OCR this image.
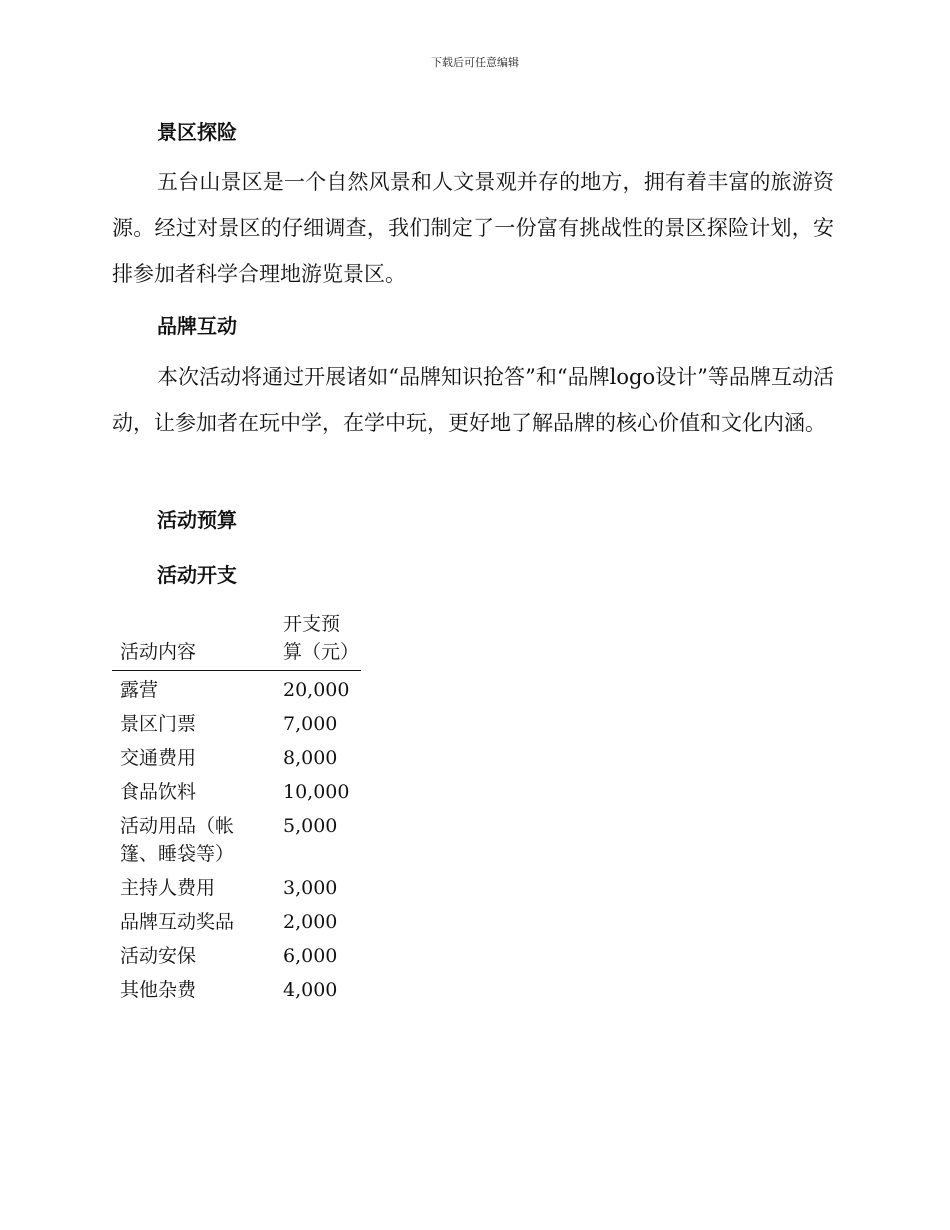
下载后可任意编辑
景区探险
五台山景区是一个自然风景和人文景观并存的地方，拥有着丰富的旅游资源。经过对景区的仔细调查，我们制定了一份富有挑战性的景区探险计划，安排参加者科学合理地游览景区。
品牌互动
本次活动将通过开展诸如“品牌知识抢答”和“品牌logo设计”等品牌互动活动，让参加者在玩中学，在学中玩，更好地了解品牌的核心价值和文化内涵。
活动预算
活动开支
活动内容	开支预算（元）
露营	20,000
景区门票	7,000
交通费用	8,000
食品饮料	10,000
活动用品（帐篷、睡袋等）	5,000
主持人费用	3,000
品牌互动奖品	2,000
活动安保	6,000
其他杂费	4,000
